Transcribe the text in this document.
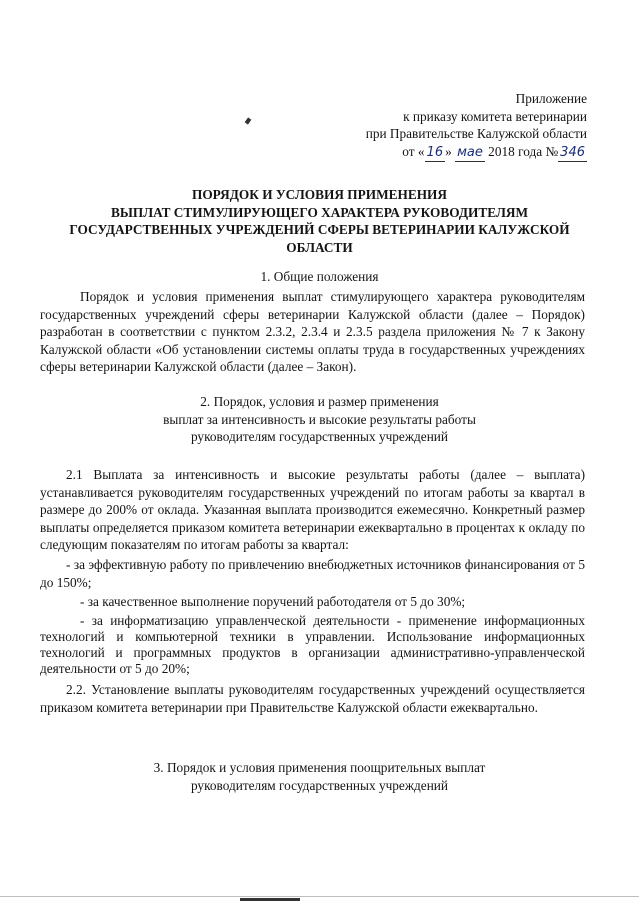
Приложение
к приказу комитета ветеринарии
при Правительстве Калужской области
от « 16 » мае 2018 года № 346
ПОРЯДОК И УСЛОВИЯ ПРИМЕНЕНИЯ
ВЫПЛАТ СТИМУЛИРУЮЩЕГО ХАРАКТЕРА РУКОВОДИТЕЛЯМ
ГОСУДАРСТВЕННЫХ УЧРЕЖДЕНИЙ СФЕРЫ ВЕТЕРИНАРИИ КАЛУЖСКОЙ
ОБЛАСТИ
1. Общие положения
Порядок и условия применения выплат стимулирующего характера руководителям государственных учреждений сферы ветеринарии Калужской области (далее – Порядок) разработан в соответствии с пунктом 2.3.2, 2.3.4 и 2.3.5 раздела приложения № 7 к Закону Калужской области «Об установлении системы оплаты труда в государственных учреждениях сферы ветеринарии Калужской области (далее – Закон).
2. Порядок, условия и размер применения
выплат за интенсивность и высокие результаты работы
руководителям государственных учреждений
2.1 Выплата за интенсивность и высокие результаты работы (далее – выплата) устанавливается руководителям государственных учреждений по итогам работы за квартал в размере до 200% от оклада. Указанная выплата производится ежемесячно. Конкретный размер выплаты определяется приказом комитета ветеринарии ежеквартально в процентах к окладу по следующим показателям по итогам работы за квартал:
- за эффективную работу по привлечению внебюджетных источников финансирования от 5 до 150%;
- за качественное выполнение поручений работодателя от 5 до 30%;
- за информатизацию управленческой деятельности - применение информационных технологий и компьютерной техники в управлении. Использование информационных технологий и программных продуктов в организации административно-управленческой деятельности от 5 до 20%;
2.2. Установление выплаты руководителям государственных учреждений осуществляется приказом комитета ветеринарии при Правительстве Калужской области ежеквартально.
3. Порядок и условия применения поощрительных выплат
руководителям государственных учреждений
